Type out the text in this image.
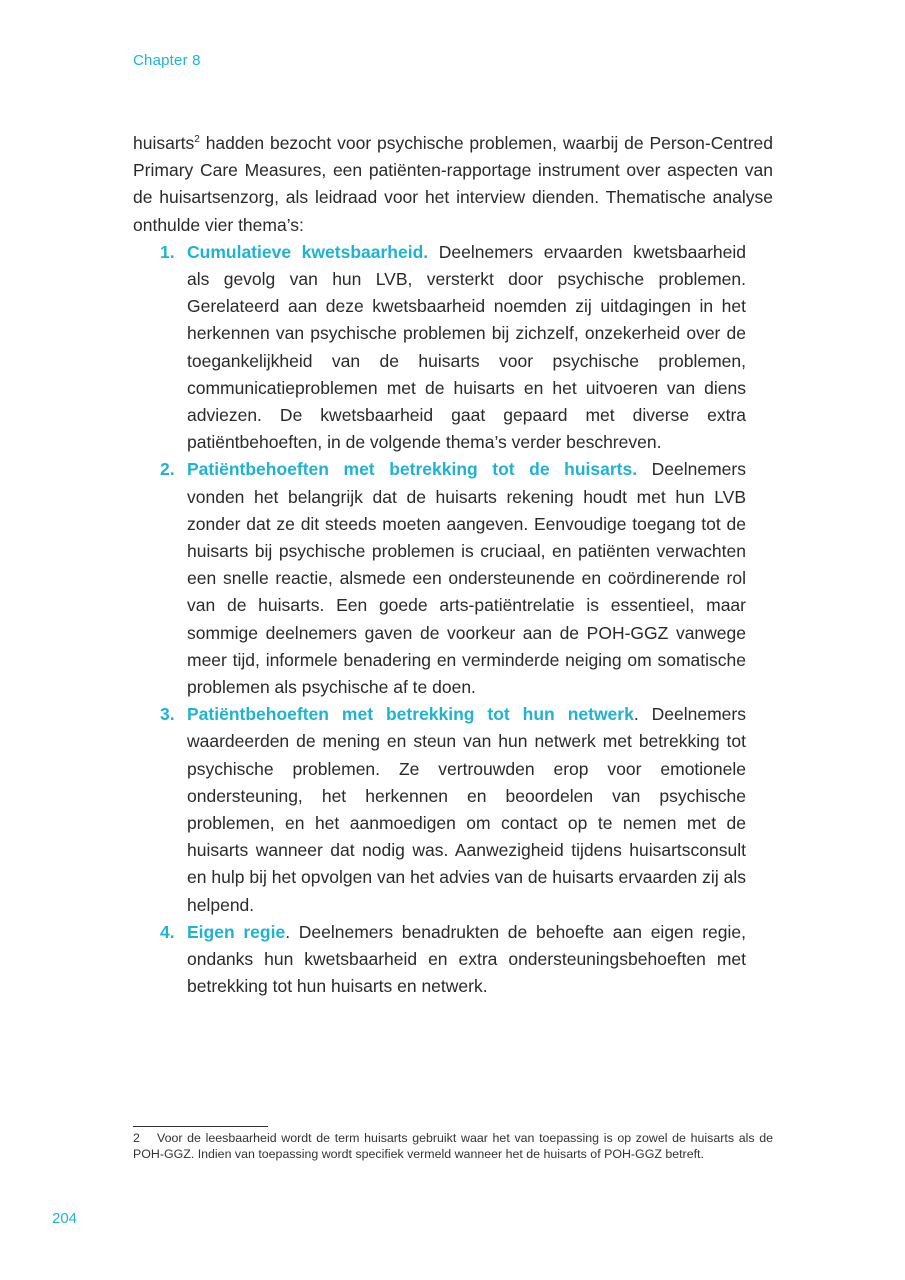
Chapter 8

huisarts$^2$ hadden bezocht voor psychische problemen, waarbij de Person-Centred Primary Care Measures, een patiënten-rapportage instrument over aspecten van de huisartsenzorg, als leidraad voor het interview dienden. Thematische analyse onthulde vier thema’s:

1. Cumulatieve kwetsbaarheid. Deelnemers ervaarden kwetsbaarheid als gevolg van hun LVB, versterkt door psychische problemen. Gerelateerd aan deze kwetsbaarheid noemden zij uitdagingen in het herkennen van psychische problemen bij zichzelf, onzekerheid over de toegankelijkheid van de huisarts voor psychische problemen, communicatieproblemen met de huisarts en het uitvoeren van diens adviezen. De kwetsbaarheid gaat gepaard met diverse extra patiëntbehoeften, in de volgende thema’s verder beschreven.
2. Patiëntbehoeften met betrekking tot de huisarts. Deelnemers vonden het belangrijk dat de huisarts rekening houdt met hun LVB zonder dat ze dit steeds moeten aangeven. Eenvoudige toegang tot de huisarts bij psychische problemen is cruciaal, en patiënten verwachten een snelle reactie, alsmede een ondersteunende en coördinerende rol van de huisarts. Een goede arts-patiëntrelatie is essentieel, maar sommige deelnemers gaven de voorkeur aan de POH-GGZ vanwege meer tijd, informele benadering en verminderde neiging om somatische problemen als psychische af te doen.
3. Patiëntbehoeften met betrekking tot hun netwerk. Deelnemers waardeerden de mening en steun van hun netwerk met betrekking tot psychische problemen. Ze vertrouwden erop voor emotionele ondersteuning, het herkennen en beoordelen van psychische problemen, en het aanmoedigen om contact op te nemen met de huisarts wanneer dat nodig was. Aanwezigheid tijdens huisartsconsult en hulp bij het opvolgen van het advies van de huisarts ervaarden zij als helpend.
4. Eigen regie. Deelnemers benadrukten de behoefte aan eigen regie, ondanks hun kwetsbaarheid en extra ondersteuningsbehoeften met betrekking tot hun huisarts en netwerk.
2 Voor de leesbaarheid wordt de term huisarts gebruikt waar het van toepassing is op zowel de huisarts als de POH-GGZ. Indien van toepassing wordt specifiek vermeld wanneer het de huisarts of POH-GGZ betreft.
204
